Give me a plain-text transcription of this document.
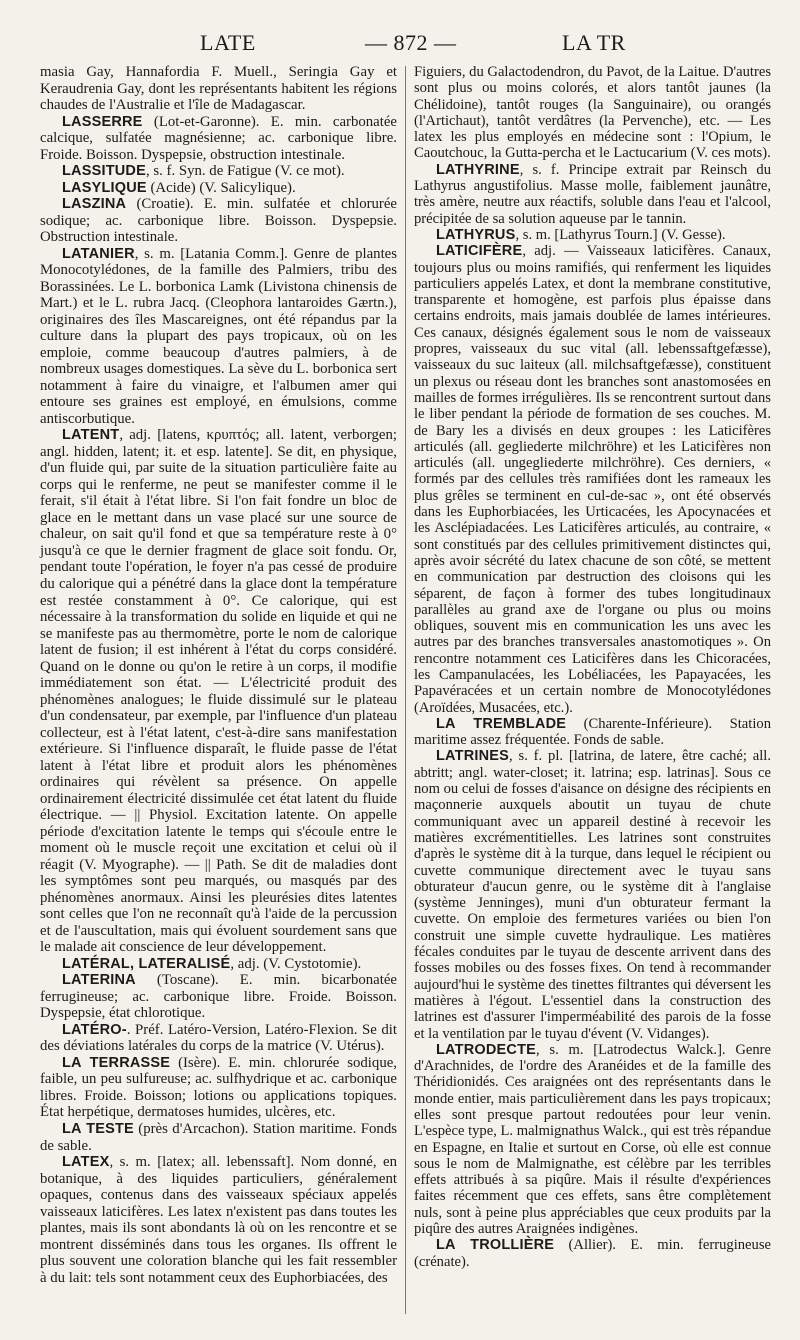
LATE	— 872 —	LA TR

masia Gay, Hannafordia F. Muell., Seringia Gay et Keraudrenia Gay, dont les représentants habitent les régions chaudes de l'Australie et l'île de Madagascar.

LASSERRE (Lot-et-Garonne). E. min. carbonatée calcique, sulfatée magnésienne; ac. carbonique libre. Froide. Boisson. Dyspepsie, obstruction intestinale.

LASSITUDE, s. f. Syn. de Fatigue (V. ce mot).

LASYLIQUE (Acide) (V. Salicylique).

LASZINA (Croatie). E. min. sulfatée et chlorurée sodique; ac. carbonique libre. Boisson. Dyspepsie. Obstruction intestinale.

LATANIER, s. m. [Latania Comm.]. Genre de plantes Monocotylédones, de la famille des Palmiers, tribu des Borassinées. Le L. borbonica Lamk (Livistona chinensis de Mart.) et le L. rubra Jacq. (Cleophora lantaroides Gærtn.), originaires des îles Mascareignes, ont été répandus par la culture dans la plupart des pays tropicaux, où on les emploie, comme beaucoup d'autres palmiers, à de nombreux usages domestiques. La sève du L. borbonica sert notamment à faire du vinaigre, et l'albumen amer qui entoure ses graines est employé, en émulsions, comme antiscorbutique.

LATENT, adj. [latens, κρυπτός; all. latent, verborgen; angl. hidden, latent; it. et esp. latente]. Se dit, en physique, d'un fluide qui, par suite de la situation particulière faite au corps qui le renferme, ne peut se manifester comme il le ferait, s'il était à l'état libre. Si l'on fait fondre un bloc de glace en le mettant dans un vase placé sur une source de chaleur, on sait qu'il fond et que sa température reste à 0° jusqu'à ce que le dernier fragment de glace soit fondu. Or, pendant toute l'opération, le foyer n'a pas cessé de produire du calorique qui a pénétré dans la glace dont la température est restée constamment à 0°. Ce calorique, qui est nécessaire à la transformation du solide en liquide et qui ne se manifeste pas au thermomètre, porte le nom de calorique latent de fusion; il est inhérent à l'état du corps considéré. Quand on le donne ou qu'on le retire à un corps, il modifie immédiatement son état. — L'électricité produit des phénomènes analogues; le fluide dissimulé sur le plateau d'un condensateur, par exemple, par l'influence d'un plateau collecteur, est à l'état latent, c'est-à-dire sans manifestation extérieure. Si l'influence disparaît, le fluide passe de l'état latent à l'état libre et produit alors les phénomènes ordinaires qui révèlent sa présence. On appelle ordinairement électricité dissimulée cet état latent du fluide électrique. — || Physiol. Excitation latente. On appelle période d'excitation latente le temps qui s'écoule entre le moment où le muscle reçoit une excitation et celui où il réagit (V. Myographe). — || Path. Se dit de maladies dont les symptômes sont peu marqués, ou masqués par des phénomènes anormaux. Ainsi les pleurésies dites latentes sont celles que l'on ne reconnaît qu'à l'aide de la percussion et de l'auscultation, mais qui évoluent sourdement sans que le malade ait conscience de leur développement.

LATÉRAL, LATERALISÉ, adj. (V. Cystotomie).

LATERINA (Toscane). E. min. bicarbonatée ferrugineuse; ac. carbonique libre. Froide. Boisson. Dyspepsie, état chlorotique.

LATÉRO-. Préf. Latéro-Version, Latéro-Flexion. Se dit des déviations latérales du corps de la matrice (V. Utérus).

LA TERRASSE (Isère). E. min. chlorurée sodique, faible, un peu sulfureuse; ac. sulfhydrique et ac. carbonique libres. Froide. Boisson; lotions ou applications topiques. État herpétique, dermatoses humides, ulcères, etc.

LA TESTE (près d'Arcachon). Station maritime. Fonds de sable.

LATEX, s. m. [latex; all. lebenssaft]. Nom donné, en botanique, à des liquides particuliers, généralement opaques, contenus dans des vaisseaux spéciaux appelés vaisseaux laticifères. Les latex n'existent pas dans toutes les plantes, mais ils sont abondants là où on les rencontre et se montrent disséminés dans tous les organes. Ils offrent le plus souvent une coloration blanche qui les fait ressembler à du lait: tels sont notamment ceux des Euphorbiacées, des

Figuiers, du Galactodendron, du Pavot, de la Laitue. D'autres sont plus ou moins colorés, et alors tantôt jaunes (la Chélidoine), tantôt rouges (la Sanguinaire), ou orangés (l'Artichaut), tantôt verdâtres (la Pervenche), etc. — Les latex les plus employés en médecine sont : l'Opium, le Caoutchouc, la Gutta-percha et le Lactucarium (V. ces mots).

LATHYRINE, s. f. Principe extrait par Reinsch du Lathyrus angustifolius. Masse molle, faiblement jaunâtre, très amère, neutre aux réactifs, soluble dans l'eau et l'alcool, précipitée de sa solution aqueuse par le tannin.

LATHYRUS, s. m. [Lathyrus Tourn.] (V. Gesse).

LATICIFÈRE, adj. — Vaisseaux laticifères. Canaux, toujours plus ou moins ramifiés, qui renferment les liquides particuliers appelés Latex, et dont la membrane constitutive, transparente et homogène, est parfois plus épaisse dans certains endroits, mais jamais doublée de lames intérieures. Ces canaux, désignés également sous le nom de vaisseaux propres, vaisseaux du suc vital (all. lebenssaftgefæsse), vaisseaux du suc laiteux (all. milchsaftgefæsse), constituent un plexus ou réseau dont les branches sont anastomosées en mailles de formes irrégulières. Ils se rencontrent surtout dans le liber pendant la période de formation de ses couches. M. de Bary les a divisés en deux groupes : les Laticifères articulés (all. gegliederte milchröhre) et les Laticifères non articulés (all. ungegliederte milchröhre). Ces derniers, « formés par des cellules très ramifiées dont les rameaux les plus grêles se terminent en cul-de-sac », ont été observés dans les Euphorbiacées, les Urticacées, les Apocynacées et les Asclépiadacées. Les Laticifères articulés, au contraire, « sont constitués par des cellules primitivement distinctes qui, après avoir sécrété du latex chacune de son côté, se mettent en communication par destruction des cloisons qui les séparent, de façon à former des tubes longitudinaux parallèles au grand axe de l'organe ou plus ou moins obliques, souvent mis en communication les uns avec les autres par des branches transversales anastomotiques ». On rencontre notamment ces Laticifères dans les Chicoracées, les Campanulacées, les Lobéliacées, les Papayacées, les Papavéracées et un certain nombre de Monocotylédones (Aroïdées, Musacées, etc.).

LA TREMBLADE (Charente-Inférieure). Station maritime assez fréquentée. Fonds de sable.

LATRINES, s. f. pl. [latrina, de latere, être caché; all. abtritt; angl. water-closet; it. latrina; esp. latrinas]. Sous ce nom ou celui de fosses d'aisance on désigne des récipients en maçonnerie auxquels aboutit un tuyau de chute communiquant avec un appareil destiné à recevoir les matières excrémentitielles. Les latrines sont construites d'après le système dit à la turque, dans lequel le récipient ou cuvette communique directement avec le tuyau sans obturateur d'aucun genre, ou le système dit à l'anglaise (système Jenninges), muni d'un obturateur fermant la cuvette. On emploie des fermetures variées ou bien l'on construit une simple cuvette hydraulique. Les matières fécales conduites par le tuyau de descente arrivent dans des fosses mobiles ou des fosses fixes. On tend à recommander aujourd'hui le système des tinettes filtrantes qui déversent les matières à l'égout. L'essentiel dans la construction des latrines est d'assurer l'imperméabilité des parois de la fosse et la ventilation par le tuyau d'évent (V. Vidanges).

LATRODECTE, s. m. [Latrodectus Walck.]. Genre d'Arachnides, de l'ordre des Aranéides et de la famille des Théridionidés. Ces araignées ont des représentants dans le monde entier, mais particulièrement dans les pays tropicaux; elles sont presque partout redoutées pour leur venin. L'espèce type, L. malmignathus Walck., qui est très répandue en Espagne, en Italie et surtout en Corse, où elle est connue sous le nom de Malmignathe, est célèbre par les terribles effets attribués à sa piqûre. Mais il résulte d'expériences faites récemment que ces effets, sans être complètement nuls, sont à peine plus appréciables que ceux produits par la piqûre des autres Araignées indigènes.

LA TROLLIÈRE (Allier). E. min. ferrugineuse (crénate).
